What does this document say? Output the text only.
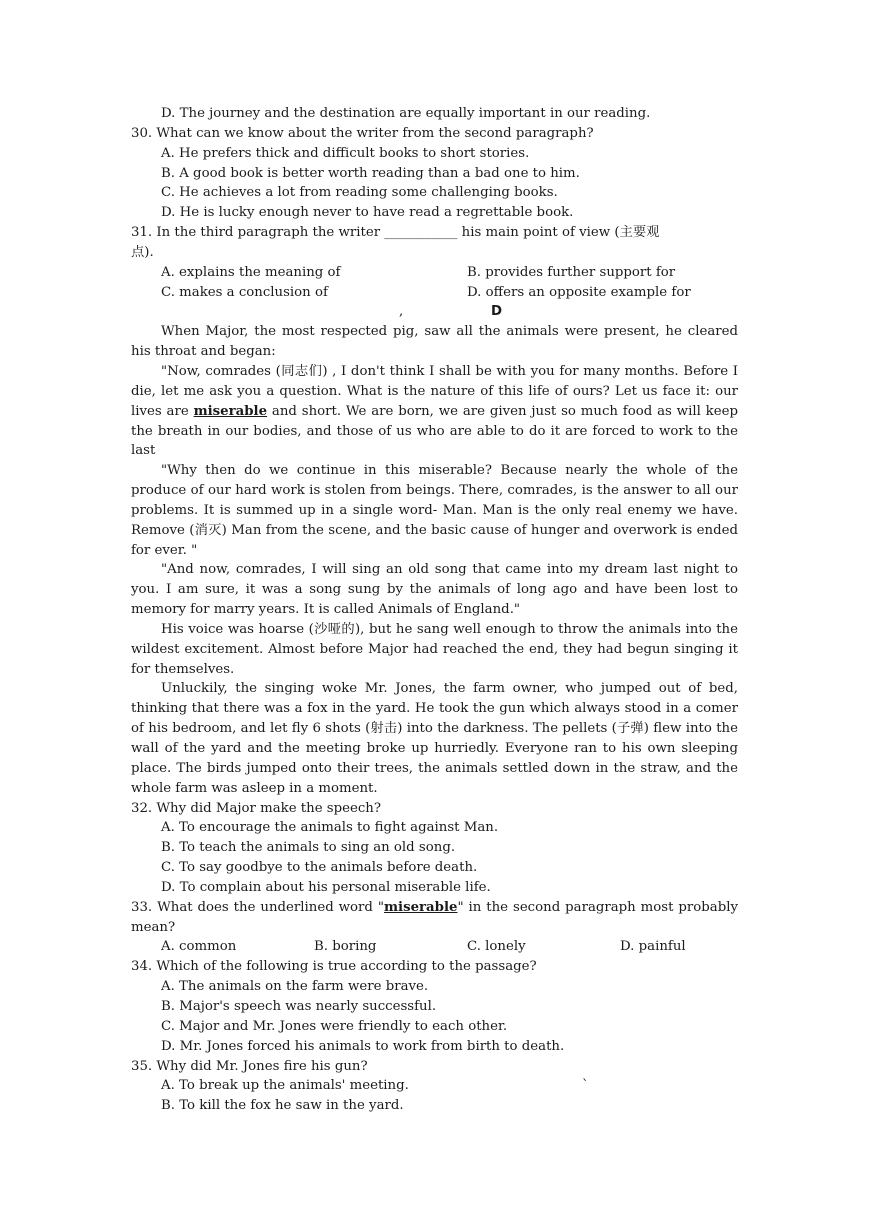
D. The journey and the destination are equally important in our reading.
30. What can we know about the writer from the second paragraph?
A. He prefers thick and difficult books to short stories.
B. A good book is better worth reading than a bad one to him.
C. He achieves a lot from reading some challenging books.
D. He is lucky enough never to have read a regrettable book.
31. In the third paragraph the writer ___________ his main point of view (主要观
点).
A. explains the meaning of	B. provides further support for
C. makes a conclusion of	D. offers an opposite example for
,	D

When Major, the most respected pig, saw all the animals were present, he cleared his throat and began:

"Now, comrades (同志们) , I don't think I shall be with you for many months. Before I die, let me ask you a question. What is the nature of this life of ours? Let us face it: our lives are miserable and short. We are born, we are given just so much food as will keep the breath in our bodies, and those of us who are able to do it are forced to work to the last

"Why then do we continue in this miserable? Because nearly the whole of the produce of our hard work is stolen from beings. There, comrades, is the answer to all our problems. It is summed up in a single word- Man. Man is the only real enemy we have. Remove (消灭) Man from the scene, and the basic cause of hunger and overwork is ended for ever. "

"And now, comrades, I will sing an old song that came into my dream last night to you. I am sure, it was a song sung by the animals of long ago and have been lost to memory for marry years. It is called Animals of England."

His voice was hoarse (沙哑的), but he sang well enough to throw the animals into the wildest excitement. Almost before Major had reached the end, they had begun singing it for themselves.

Unluckily, the singing woke Mr. Jones, the farm owner, who jumped out of bed, thinking that there was a fox in the yard. He took the gun which always stood in a comer of his bedroom, and let fly 6 shots (射击) into the darkness. The pellets (子弹) flew into the wall of the yard and the meeting broke up hurriedly. Everyone ran to his own sleeping place. The birds jumped onto their trees, the animals settled down in the straw, and the whole farm was asleep in a moment.

32. Why did Major make the speech?
A. To encourage the animals to fight against Man.
B. To teach the animals to sing an old song.
C. To say goodbye to the animals before death.
D. To complain about his personal miserable life.

33. What does the underlined word "miserable" in the second paragraph most probably mean?

A. common	B. boring	C. lonely	D. painful
34. Which of the following is true according to the passage?
A. The animals on the farm were brave.
B. Major's speech was nearly successful.
C. Major and Mr. Jones were friendly to each other.
D. Mr. Jones forced his animals to work from birth to death.
35. Why did Mr. Jones fire his gun?
A. To break up the animals' meeting.	`
B. To kill the fox he saw in the yard.
